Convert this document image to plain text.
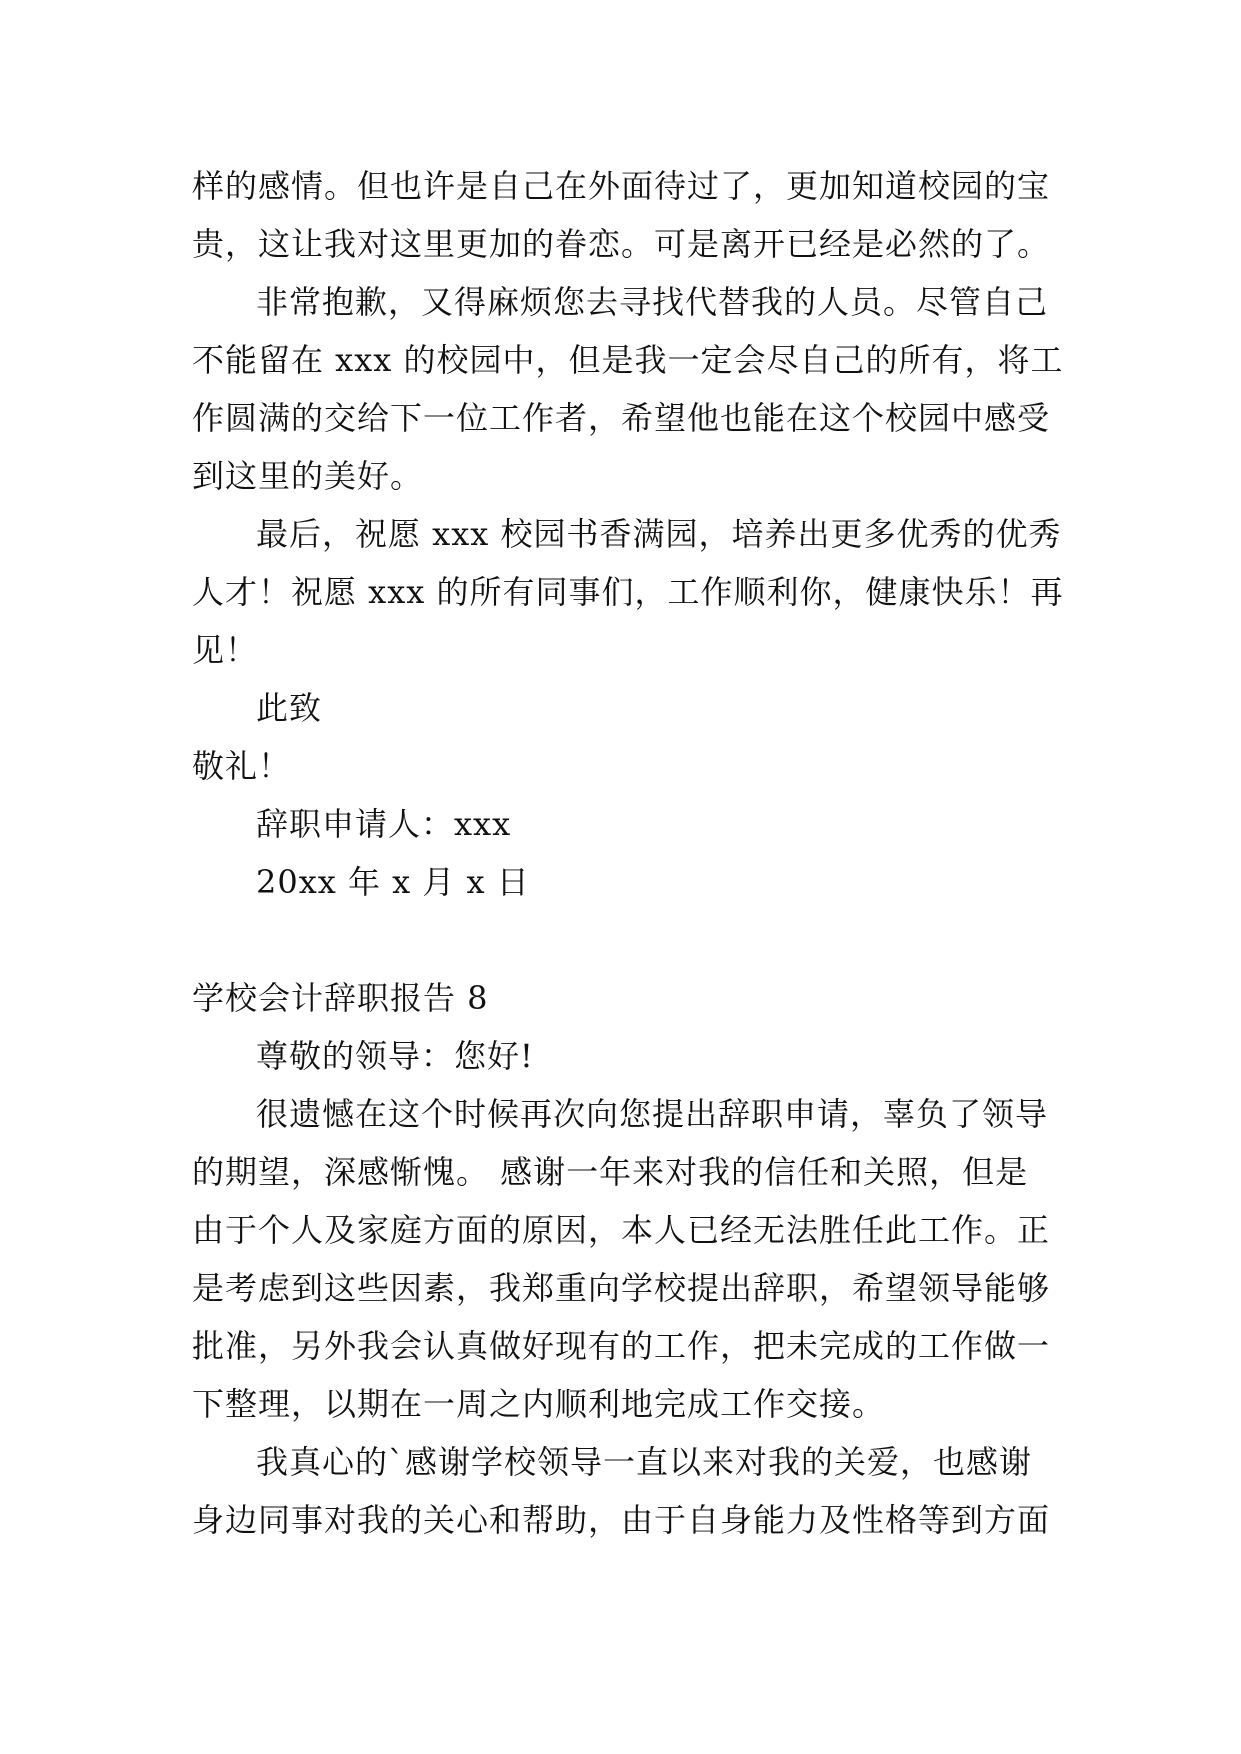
样的感情。但也许是自己在外面待过了，更加知道校园的宝
贵，这让我对这里更加的眷恋。可是离开已经是必然的了。
非常抱歉，又得麻烦您去寻找代替我的人员。尽管自己
不能留在 xxx 的校园中，但是我一定会尽自己的所有，将工
作圆满的交给下一位工作者，希望他也能在这个校园中感受
到这里的美好。
最后，祝愿 xxx 校园书香满园，培养出更多优秀的优秀
人才！祝愿 xxx 的所有同事们，工作顺利你，健康快乐！再
见！
此致
敬礼！
辞职申请人：xxx
20xx 年 x 月 x 日
学校会计辞职报告 8
尊敬的领导：您好!
很遗憾在这个时候再次向您提出辞职申请，辜负了领导
的期望，深感惭愧。 感谢一年来对我的信任和关照，但是
由于个人及家庭方面的原因，本人已经无法胜任此工作。正
是考虑到这些因素，我郑重向学校提出辞职，希望领导能够
批准，另外我会认真做好现有的工作，把未完成的工作做一
下整理，以期在一周之内顺利地完成工作交接。
我真心的`感谢学校领导一直以来对我的关爱，也感谢
身边同事对我的关心和帮助，由于自身能力及性格等到方面
